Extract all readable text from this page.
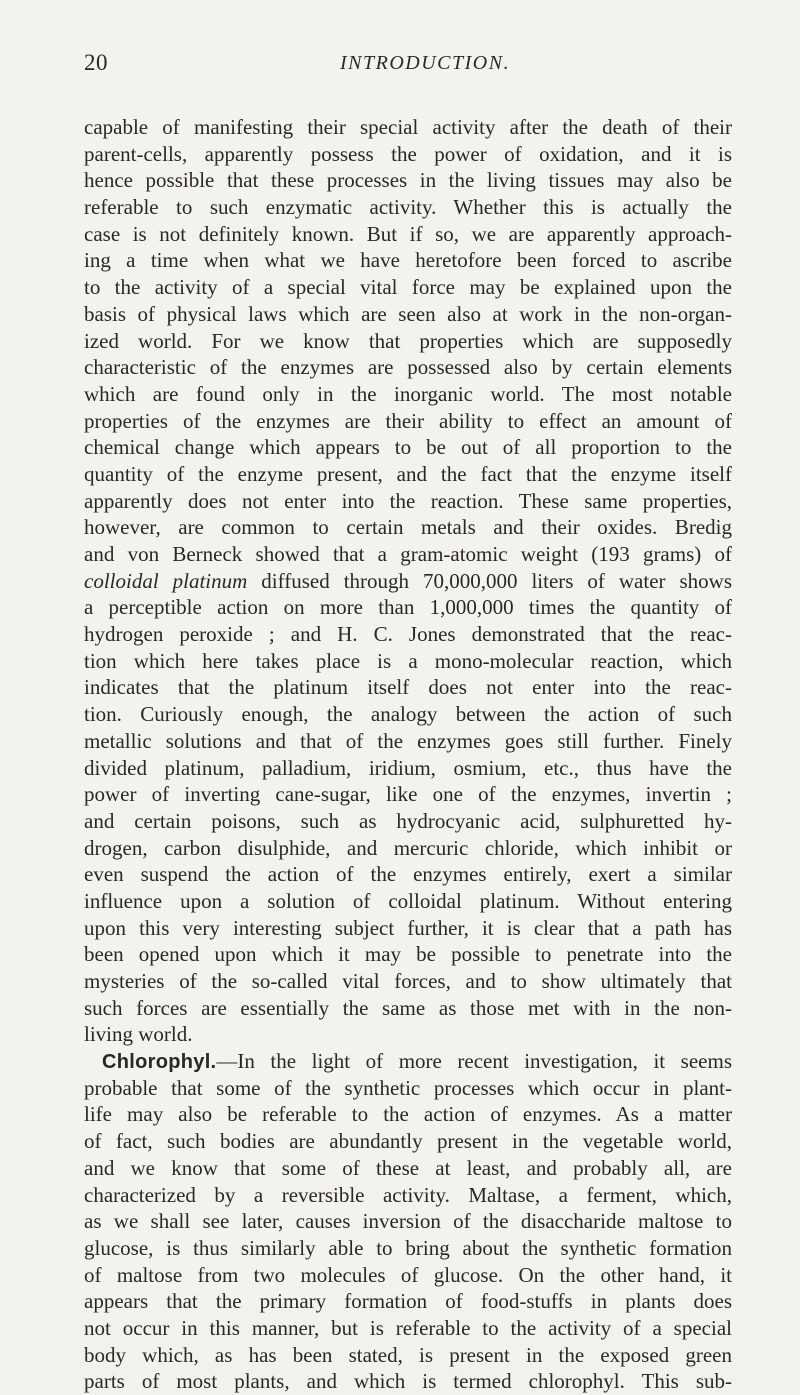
20	INTRODUCTION.
capable of manifesting their special activity after the death of their
parent-cells, apparently possess the power of oxidation, and it is
hence possible that these processes in the living tissues may also be
referable to such enzymatic activity. Whether this is actually the
case is not definitely known. But if so, we are apparently approach-
ing a time when what we have heretofore been forced to ascribe
to the activity of a special vital force may be explained upon the
basis of physical laws which are seen also at work in the non-organ-
ized world. For we know that properties which are supposedly
characteristic of the enzymes are possessed also by certain elements
which are found only in the inorganic world. The most notable
properties of the enzymes are their ability to effect an amount of
chemical change which appears to be out of all proportion to the
quantity of the enzyme present, and the fact that the enzyme itself
apparently does not enter into the reaction. These same properties,
however, are common to certain metals and their oxides. Bredig
and von Berneck showed that a gram-atomic weight (193 grams) of
colloidal platinum diffused through 70,000,000 liters of water shows
a perceptible action on more than 1,000,000 times the quantity of
hydrogen peroxide ; and H. C. Jones demonstrated that the reac-
tion which here takes place is a mono-molecular reaction, which
indicates that the platinum itself does not enter into the reac-
tion. Curiously enough, the analogy between the action of such
metallic solutions and that of the enzymes goes still further. Finely
divided platinum, palladium, iridium, osmium, etc., thus have the
power of inverting cane-sugar, like one of the enzymes, invertin ;
and certain poisons, such as hydrocyanic acid, sulphuretted hy-
drogen, carbon disulphide, and mercuric chloride, which inhibit or
even suspend the action of the enzymes entirely, exert a similar
influence upon a solution of colloidal platinum. Without entering
upon this very interesting subject further, it is clear that a path has
been opened upon which it may be possible to penetrate into the
mysteries of the so-called vital forces, and to show ultimately that
such forces are essentially the same as those met with in the non-
living world.
Chlorophyl.—In the light of more recent investigation, it seems
probable that some of the synthetic processes which occur in plant-
life may also be referable to the action of enzymes. As a matter
of fact, such bodies are abundantly present in the vegetable world,
and we know that some of these at least, and probably all, are
characterized by a reversible activity. Maltase, a ferment, which,
as we shall see later, causes inversion of the disaccharide maltose to
glucose, is thus similarly able to bring about the synthetic formation
of maltose from two molecules of glucose. On the other hand, it
appears that the primary formation of food-stuffs in plants does
not occur in this manner, but is referable to the activity of a special
body which, as has been stated, is present in the exposed green
parts of most plants, and which is termed chlorophyl. This sub-
